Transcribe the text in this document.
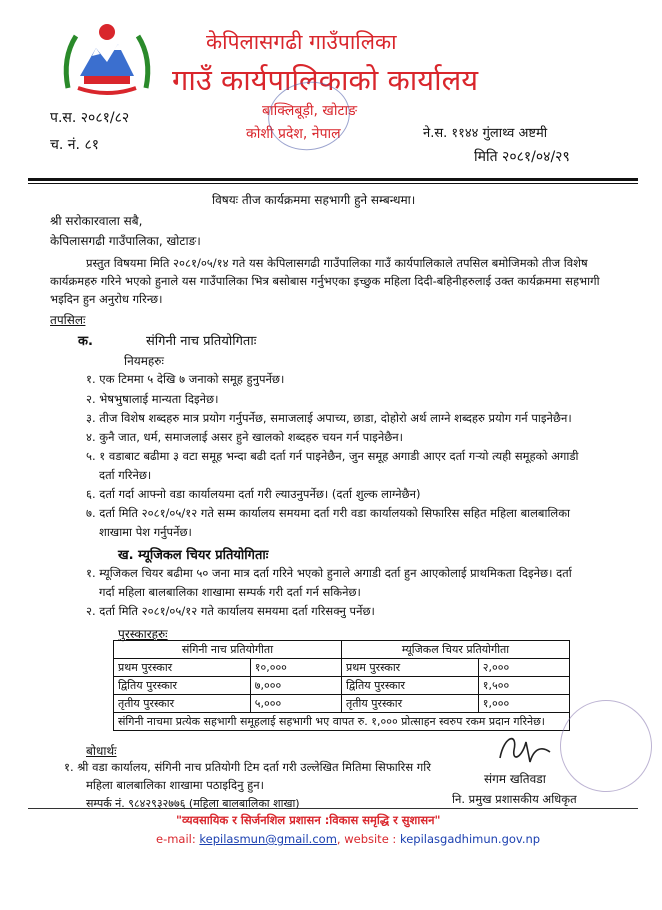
केपिलासगढी गाउँपालिका
गाउँ कार्यपालिकाको कार्यालय
बाक्लिबूड़ी, खोटाङ
कोशी प्रदेश, नेपाल
प.स. २०८१/८२
च. नं. ८१
ने.स. ११४४ गुंलाथ्व अष्टमी
मिति २०८१/०४/२९
विषयः तीज कार्यक्रममा सहभागी हुने सम्बन्धमा।
श्री सरोकारवाला सबै,
केपिलासगढी गाउँपालिका, खोटाङ।
प्रस्तुत विषयमा मिति २०८१/०५/१४ गते यस केपिलासगढी गाउँपालिका गाउँ कार्यपालिकाले तपसिल बमोजिमको तीज विशेष
कार्यक्रमहरु गरिने भएको हुनाले यस गाउँपालिका भित्र बसोबास गर्नुभएका इच्छुक महिला दिदी-बहिनीहरुलाई उक्त कार्यक्रममा सहभागी
भइदिन हुन अनुरोध गरिन्छ।
तपसिलः
क.	संगिनी नाच प्रतियोगिताः
नियमहरुः
१. एक टिममा ५ देखि ७ जनाको समूह हुनुपर्नेछ।
२. भेषभुषालाई मान्यता दिइनेछ।
३. तीज विशेष शब्दहरु मात्र प्रयोग गर्नुपर्नेछ, समाजलाई अपाच्य, छाडा, दोहोरो अर्थ लाग्ने शब्दहरु प्रयोग गर्न पाइनेछैन।
४. कुनै जात, धर्म, समाजलाई असर हुने खालको शब्दहरु चयन गर्न पाइनेछैन।
५. १ वडाबाट बढीमा ३ वटा समूह भन्दा बढी दर्ता गर्न पाइनेछैन, जुन समूह अगाडी आएर दर्ता गर्‍यो त्यही समूहको अगाडी
दर्ता गरिनेछ।
६. दर्ता गर्दा आफ्नो वडा कार्यालयमा दर्ता गरी ल्याउनुपर्नेछ। (दर्ता शुल्क लाग्नेछैन)
७. दर्ता मिति २०८१/०५/१२ गते सम्म कार्यालय समयमा दर्ता गरी वडा कार्यालयको सिफारिस सहित महिला बालबालिका
शाखामा पेश गर्नुपर्नेछ।
ख. म्यूजिकल चियर प्रतियोगिताः
१. म्यूजिकल चियर बढीमा ५० जना मात्र दर्ता गरिने भएको हुनाले अगाडी दर्ता हुन आएकोलाई प्राथमिकता दिइनेछ। दर्ता
गर्दा महिला बालबालिका शाखामा सम्पर्क गरी दर्ता गर्न सकिनेछ।
२. दर्ता मिति २०८१/०५/१२ गते कार्यालय समयमा दर्ता गरिसक्नु पर्नेछ।
पुरस्कारहरुः
संगिनी नाच प्रतियोगीता		म्यूजिकल चियर प्रतियोगीता	
प्रथम पुरस्कार	१०,०००	प्रथम पुरस्कार	२,०००
द्वितिय पुरस्कार	७,०००	द्वितिय पुरस्कार	१,५००
तृतीय पुरस्कार	५,०००	तृतीय पुरस्कार	१,०००
संगिनी नाचमा प्रत्येक सहभागी समूहलाई सहभागी भए वापत रु. १,००० प्रोत्साहन स्वरुप रकम प्रदान गरिनेछ।			
बोधार्थः
१. श्री वडा कार्यालय, संगिनी नाच प्रतियोगी टिम दर्ता गरी उल्लेखित मितिमा सिफारिस गरि
महिला बालबालिका शाखामा पठाइदिनु हुन।
सम्पर्क नं. ९८४२९३२७७६ (महिला बालबालिका शाखा)
संगम खतिवडा
नि. प्रमुख प्रशासकीय अधिकृत
"व्यवसायिक र सिर्जनशिल प्रशासन :विकास समृद्धि र सुशासन"
e-mail: kepilasmun@gmail.com, website : kepilasgadhimun.gov.np
